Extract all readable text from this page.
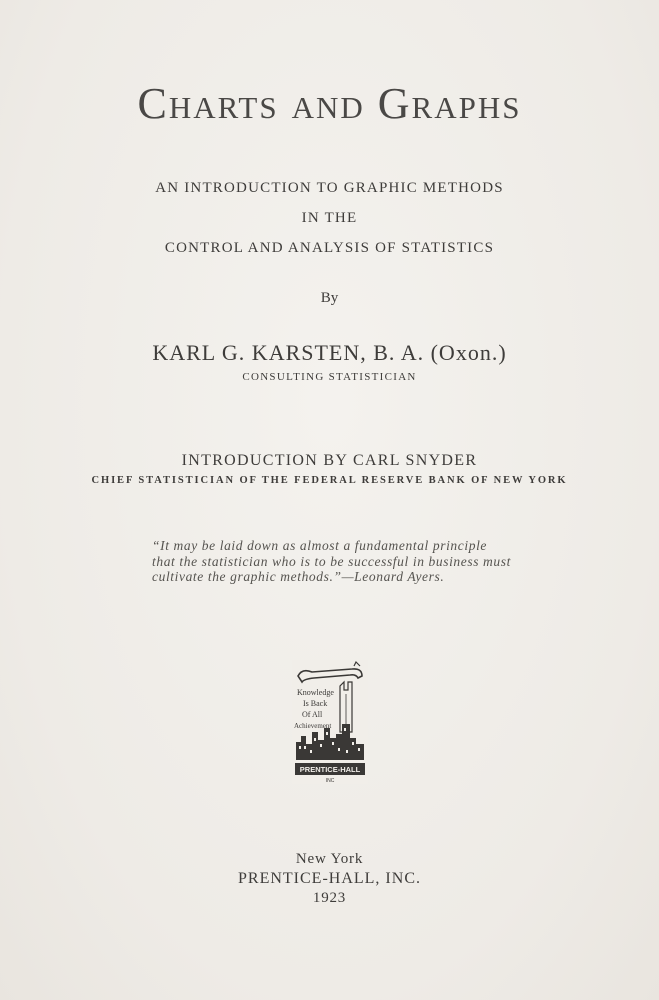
Charts and Graphs
AN INTRODUCTION TO GRAPHIC METHODS
IN THE
CONTROL AND ANALYSIS OF STATISTICS
By
KARL G. KARSTEN, B. A. (Oxon.)
CONSULTING STATISTICIAN
INTRODUCTION BY CARL SNYDER
CHIEF STATISTICIAN OF THE FEDERAL RESERVE BANK OF NEW YORK
“It may be laid down as almost a fundamental principle
that the statistician who is to be successful in business must
cultivate the graphic methods.”—Leonard Ayers.
Knowledge
Is Back
Of All
Achievement
PRENTICE-HALL
INC
New York
PRENTICE-HALL, INC.
1923
